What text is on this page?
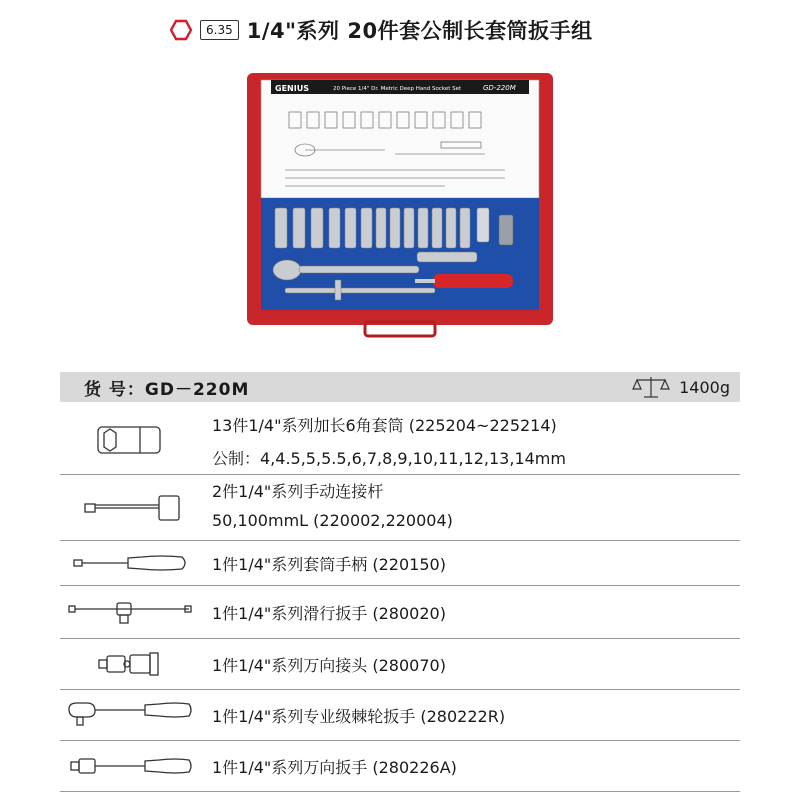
6.35 1/4"系列 20件套公制长套筒扳手组
GENIUS	20 Piece 1/4" Dr. Metric Deep Hand Socket Set	GD-220M
货 号：GD－220M	1400g
13件1/4"系列加长6角套筒 (225204~225214)
公制：4,4.5,5,5.5,6,7,8,9,10,11,12,13,14mm
2件1/4"系列手动连接杆
50,100mmL (220002,220004)
1件1/4"系列套筒手柄 (220150)
1件1/4"系列滑行扳手 (280020)
1件1/4"系列万向接头 (280070)
1件1/4"系列专业级棘轮扳手 (280222R)
1件1/4"系列万向扳手 (280226A)
